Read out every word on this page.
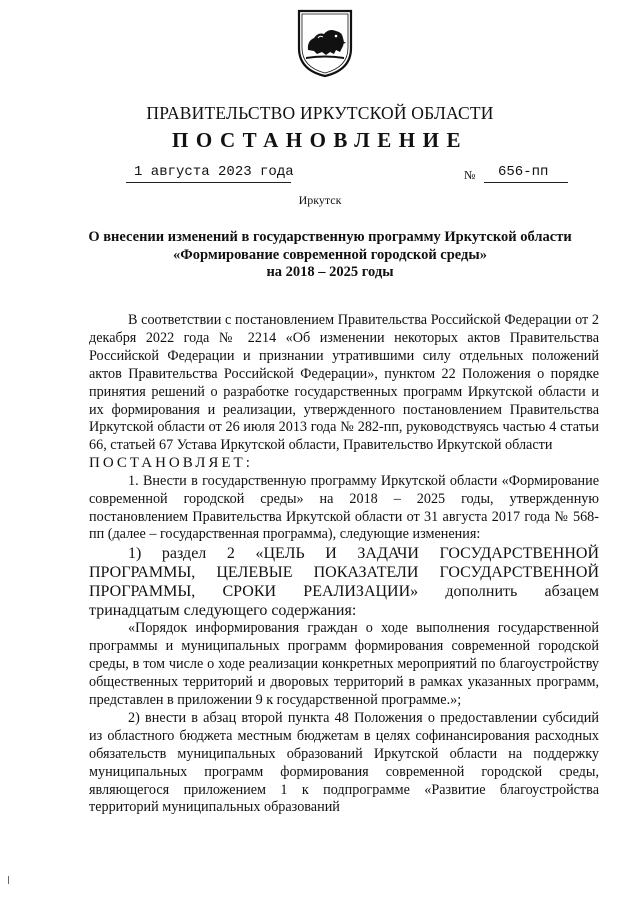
ПРАВИТЕЛЬСТВО ИРКУТСКОЙ ОБЛАСТИ
ПОСТАНОВЛЕНИЕ
1 августа 2023 года	№ 656-пп
Иркутск
О внесении изменений в государственную программу Иркутской области
«Формирование современной городской среды»
на 2018 – 2025 годы

В соответствии с постановлением Правительства Российской Федерации от 2 декабря 2022 года № 2214 «Об изменении некоторых актов Правительства Российской Федерации и признании утратившими силу отдельных положений актов Правительства Российской Федерации», пунктом 22 Положения о порядке принятия решений о разработке государственных программ Иркутской области и их формирования и реализации, утвержденного постановлением Правительства Иркутской области от 26 июля 2013 года № 282-пп, руководствуясь частью 4 статьи 66, статьей 67 Устава Иркутской области, Правительство Иркутской области

ПОСТАНОВЛЯЕТ:

1. Внести в государственную программу Иркутской области «Формирование современной городской среды» на 2018 – 2025 годы, утвержденную постановлением Правительства Иркутской области от 31 августа 2017 года № 568-пп (далее – государственная программа), следующие изменения:

1) раздел 2 «ЦЕЛЬ И ЗАДАЧИ ГОСУДАРСТВЕННОЙ ПРОГРАММЫ, ЦЕЛЕВЫЕ ПОКАЗАТЕЛИ ГОСУДАРСТВЕННОЙ ПРОГРАММЫ, СРОКИ РЕАЛИЗАЦИИ» дополнить абзацем тринадцатым следующего содержания:

«Порядок информирования граждан о ходе выполнения государственной программы и муниципальных программ формирования современной городской среды, в том числе о ходе реализации конкретных мероприятий по благоустройству общественных территорий и дворовых территорий в рамках указанных программ, представлен в приложении 9 к государственной программе.»;

2) внести в абзац второй пункта 48 Положения о предоставлении субсидий из областного бюджета местным бюджетам в целях софинансирования расходных обязательств муниципальных образований Иркутской области на поддержку муниципальных программ формирования современной городской среды, являющегося приложением 1 к подпрограмме «Развитие благоустройства территорий муниципальных образований
